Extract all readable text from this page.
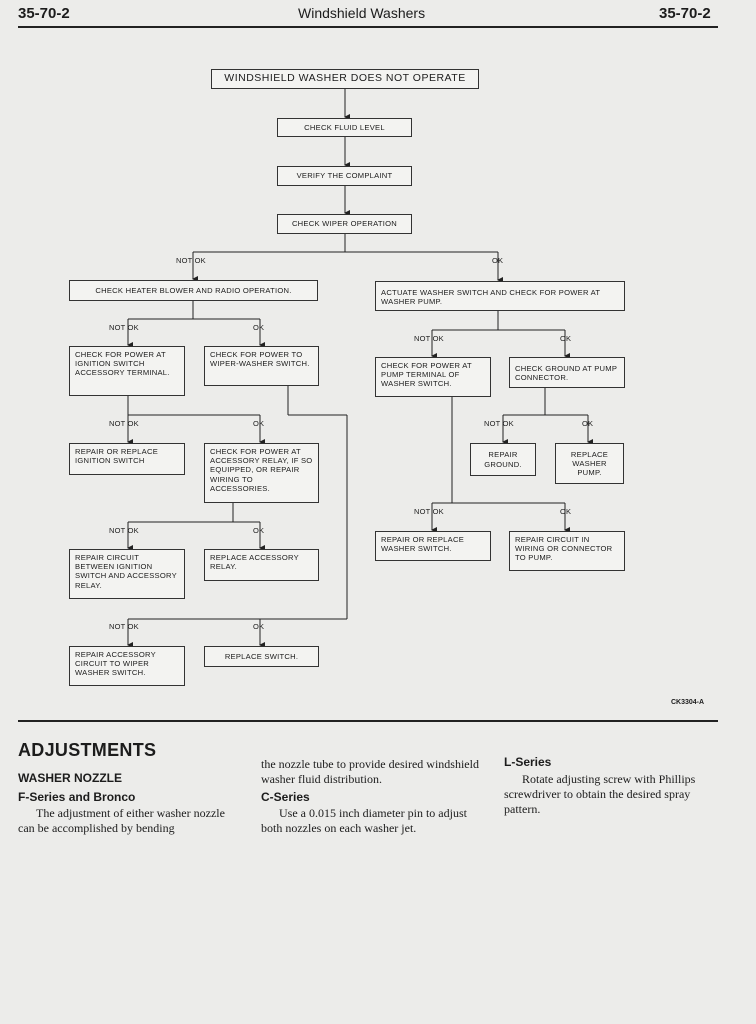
35-70-2	Windshield Washers	35-70-2
WINDSHIELD WASHER DOES NOT OPERATE
CHECK FLUID LEVEL
VERIFY THE COMPLAINT
CHECK WIPER OPERATION
CHECK HEATER BLOWER AND RADIO OPERATION.	ACTUATE WASHER SWITCH AND CHECK FOR POWER AT WASHER PUMP.
CHECK FOR POWER AT IGNITION SWITCH ACCESSORY TERMINAL.
CHECK FOR POWER TO WIPER-WASHER SWITCH.	CHECK FOR POWER AT PUMP TERMINAL OF WASHER SWITCH.
CHECK GROUND AT PUMP CONNECTOR.
REPAIR OR REPLACE IGNITION SWITCH
CHECK FOR POWER AT ACCESSORY RELAY, IF SO EQUIPPED, OR REPAIR WIRING TO ACCESSORIES.
REPAIR GROUND.
REPLACE WASHER PUMP.
REPAIR CIRCUIT BETWEEN IGNITION SWITCH AND ACCESSORY RELAY.
REPLACE ACCESSORY RELAY.
REPAIR OR REPLACE WASHER SWITCH.
REPAIR CIRCUIT IN WIRING OR CONNECTOR TO PUMP.
REPAIR ACCESSORY CIRCUIT TO WIPER WASHER SWITCH.
REPLACE SWITCH.
NOT OK	OK
NOT OK	OK
NOT OK	OK
NOT OK	OK	NOT OK	OK
NOT OK	OK
NOT OK	OK
NOT OK	OK
CK3304-A
ADJUSTMENTS
WASHER NOZZLE
F-Series and Bronco
The adjustment of either washer nozzle can be accomplished by bending
the nozzle tube to provide desired windshield washer fluid distribution.
C-Series
Use a 0.015 inch diameter pin to adjust both nozzles on each washer jet.
L-Series
Rotate adjusting screw with Phillips screwdriver to obtain the desired spray pattern.
